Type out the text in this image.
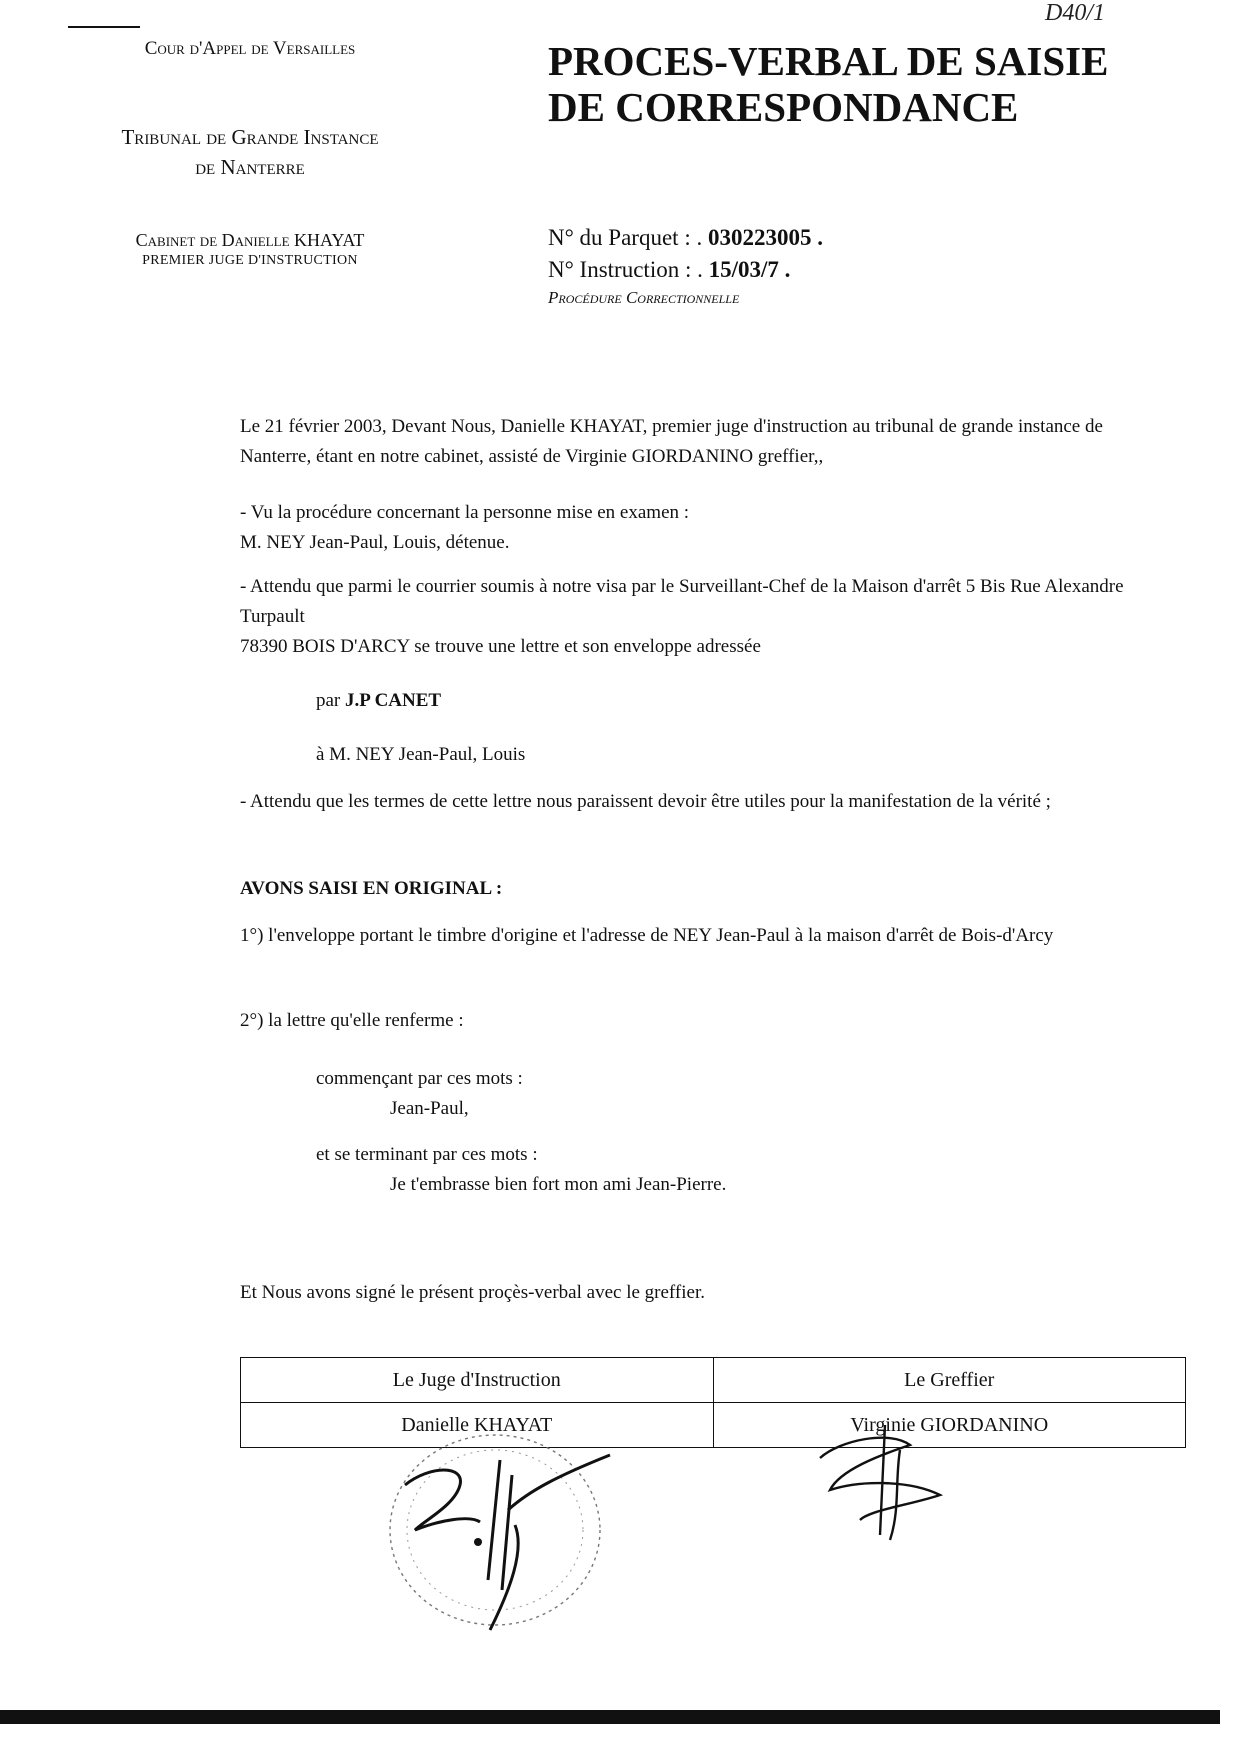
Cour d'Appel de Versailles
Tribunal de Grande Instance
de Nanterre
Cabinet de Danielle KHAYAT
PREMIER JUGE D'INSTRUCTION
D40/1
PROCES-VERBAL DE SAISIE
DE CORRESPONDANCE
N° du Parquet : . 030223005 .
N° Instruction : . 15/03/7 .
Procédure Correctionnelle
Le 21 février 2003, Devant Nous, Danielle KHAYAT, premier juge d'instruction au tribunal de grande instance de Nanterre, étant en notre cabinet, assisté de Virginie GIORDANINO greffier,,
- Vu la procédure concernant la personne mise en examen :
M. NEY Jean-Paul, Louis, détenue.
- Attendu que parmi le courrier soumis à notre visa par le Surveillant-Chef de la Maison d'arrêt 5 Bis Rue Alexandre Turpault
78390 BOIS D'ARCY se trouve une lettre et son enveloppe adressée
par J.P CANET
à M. NEY Jean-Paul, Louis
- Attendu que les termes de cette lettre nous paraissent devoir être utiles pour la manifestation de la vérité ;
AVONS SAISI EN ORIGINAL :
1°) l'enveloppe portant le timbre d'origine et l'adresse de NEY Jean-Paul à la maison d'arrêt de Bois-d'Arcy
2°) la lettre qu'elle renferme :
commençant par ces mots :
Jean-Paul,
et se terminant par ces mots :
Je t'embrasse bien fort mon ami Jean-Pierre.
Et Nous avons signé le présent proçès-verbal avec le greffier.
Le Juge d'Instruction	Le Greffier
Danielle KHAYAT	Virginie GIORDANINO
